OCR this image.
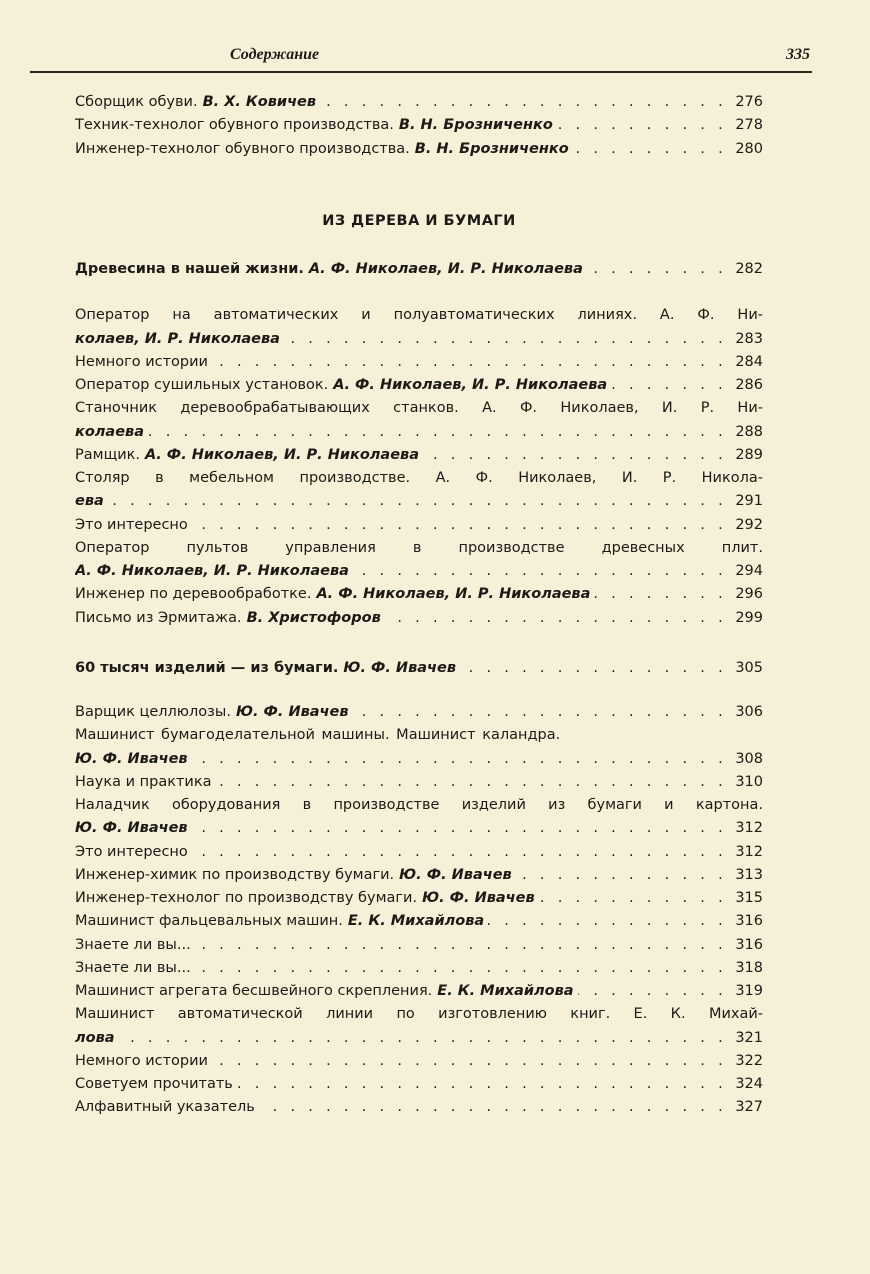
Содержание	335
Сборщик обуви. В. Х. Ковичев . . .	276
Техник-технолог обувного производства. В. Н. Брозниченко . . .	278
Инженер-технолог обувного производства. В. Н. Брозниченко . . .	280
ИЗ ДЕРЕВА И БУМАГИ
Древесина в нашей жизни. А. Ф. Николаев, И. Р. Николаева . . .	282
Оператор на автоматических и полуавтоматических линиях. А. Ф. Ни-
колаев, И. Р. Николаева . . .	283
Немного истории . . .	284
Оператор сушильных установок. А. Ф. Николаев, И. Р. Николаева . . .	286
Станочник деревообрабатывающих станков. А. Ф. Николаев, И. Р. Ни-
колаева . . .	288
Рамщик. А. Ф. Николаев, И. Р. Николаева . . .	289
Столяр в мебельном производстве. А. Ф. Николаев, И. Р. Никола-
ева . . .	291
Это интересно . . .	292
Оператор пультов управления в производстве древесных плит.
А. Ф. Николаев, И. Р. Николаева . . .	294
Инженер по деревообработке. А. Ф. Николаев, И. Р. Николаева . . .	296
Письмо из Эрмитажа. В. Христофоров . . .	299
60 тысяч изделий — из бумаги. Ю. Ф. Ивачев . . .	305
Варщик целлюлозы. Ю. Ф. Ивачев . . .	306
Машинист бумагоделательной машины. Машинист каландра.
Ю. Ф. Ивачев . . .	308
Наука и практика . . .	310
Наладчик оборудования в производстве изделий из бумаги и картона.
Ю. Ф. Ивачев . . .	312
Это интересно . . .	312
Инженер-химик по производству бумаги. Ю. Ф. Ивачев . . .	313
Инженер-технолог по производству бумаги. Ю. Ф. Ивачев . . .	315
Машинист фальцевальных машин. Е. К. Михайлова . . .	316
Знаете ли вы... . . .	316
Знаете ли вы... . . .	318
Машинист агрегата бесшвейного скрепления. Е. К. Михайлова . . .	319
Машинист автоматической линии по изготовлению книг. Е. К. Михай-
лова . . .	321
Немного истории . . .	322
Советуем прочитать . . .	324
Алфавитный указатель . . .	327
